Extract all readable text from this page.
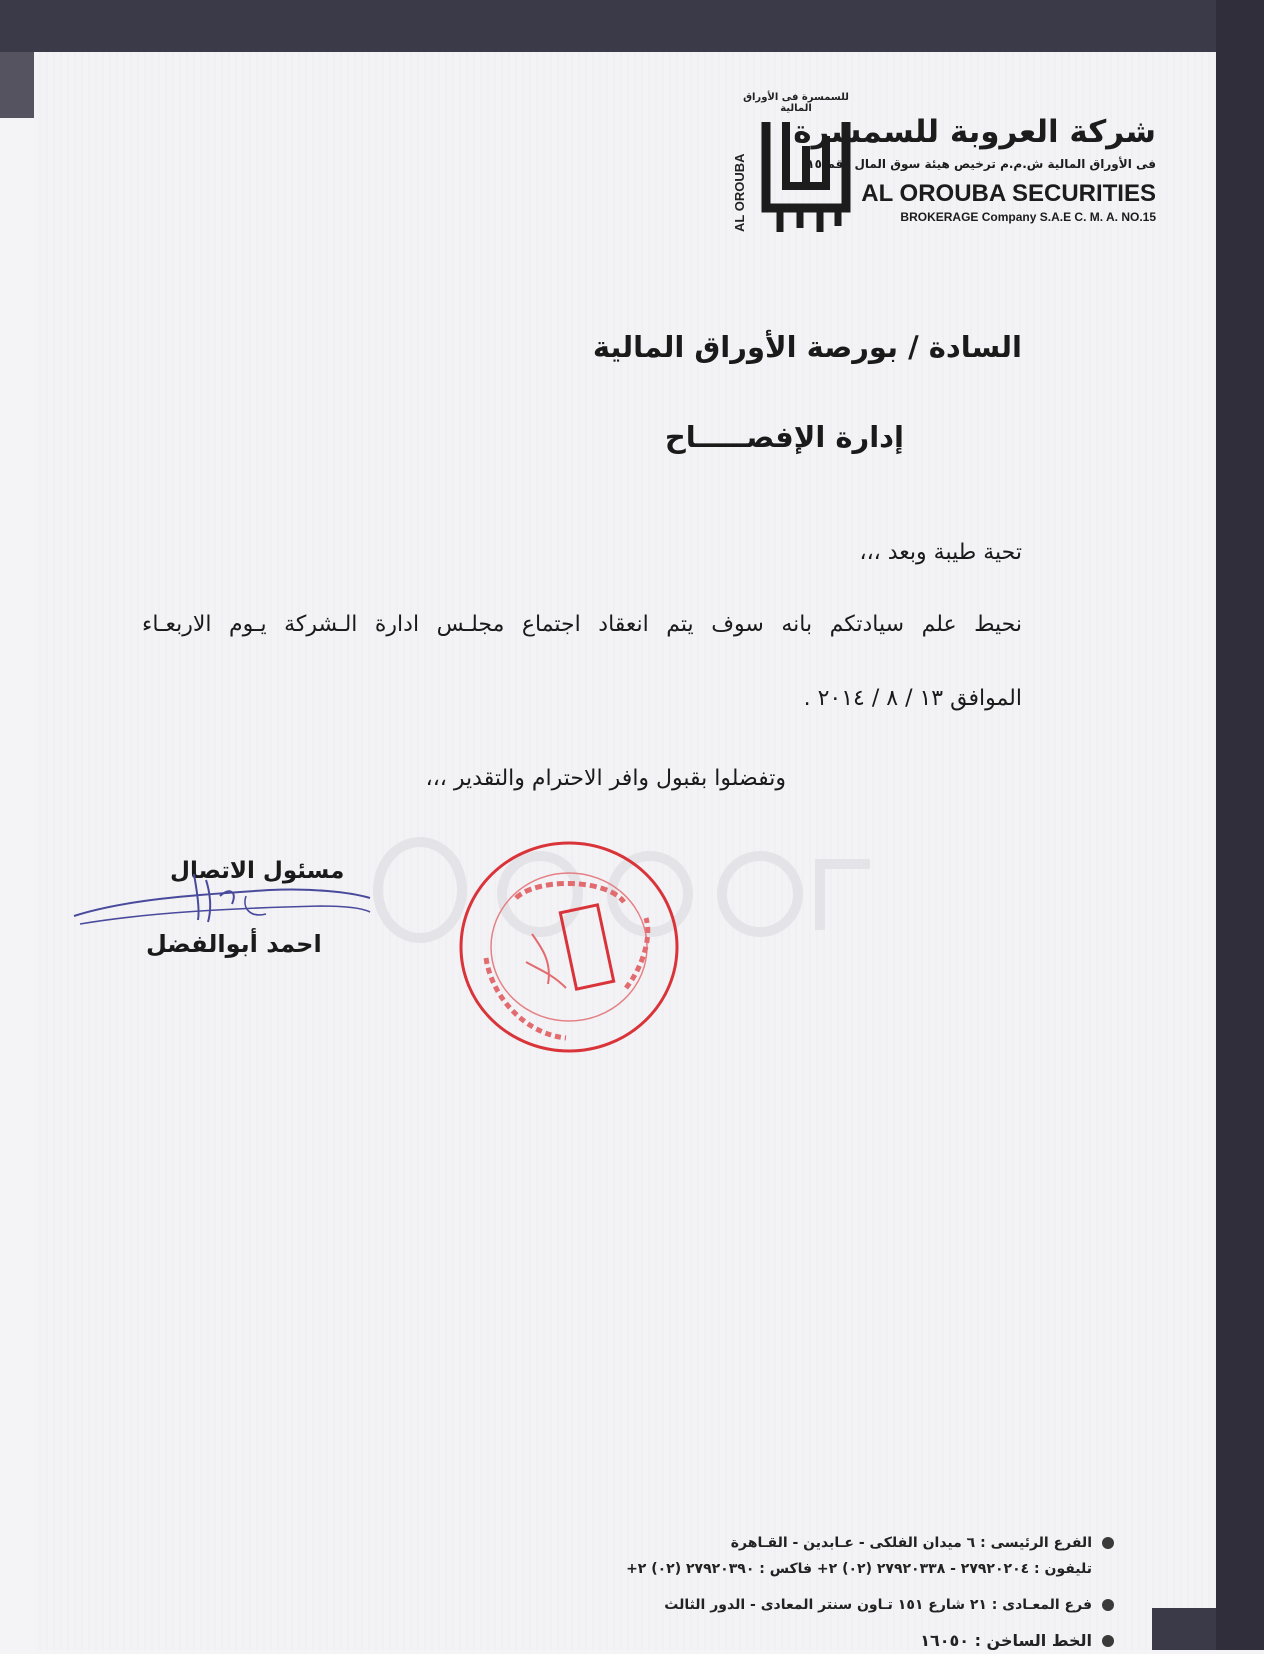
للسمسرة فى الأوراق المالية
AL OROUBA
شركة العروبة للسمسرة
فى الأوراق المالية ش.م.م ترخيص هيئة سوق المال رقم ١٥
AL OROUBA SECURITIES
BROKERAGE Company S.A.E C. M. A. NO.15
السادة / بورصة الأوراق المالية
إدارة الإفصـــــاح
تحية طيبة وبعد ،،،
نحيط علم سيادتكم بانه سوف يتم انعقاد اجتماع مجلـس ادارة الـشركة يـوم الاربعـاء
الموافق ١٣ / ٨ / ٢٠١٤ .
وتفضلوا بقبول وافر الاحترام والتقدير ،،،
مسئول الاتصال
احمد أبوالفضل
الفرع الرئيسى : ٦ ميدان الفلكى - عـابدين - القـاهرة
تليفون : ٢٧٩٢٠٢٠٤ - ٢٧٩٢٠٣٣٨ (٠٢) ٢+ فاكس : ٢٧٩٢٠٣٩٠ (٠٢) ٢+
فرع المعـادى : ٢١ شارع ١٥١ تـاون سنتر المعادى - الدور الثالث
الخط الساخن : ١٦٠٥٠
